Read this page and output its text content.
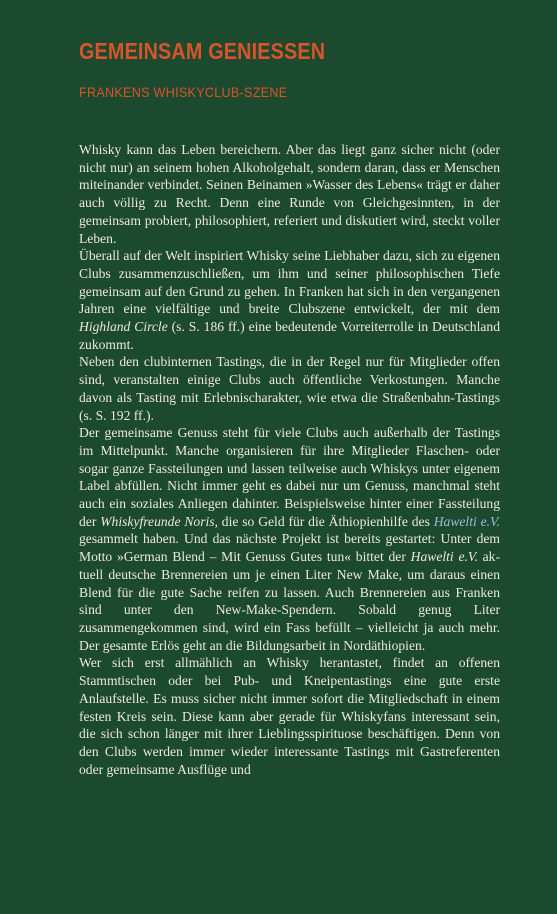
GEMEINSAM GENIESSEN
FRANKENS WHISKYCLUB-SZENE

Whisky kann das Leben bereichern. Aber das liegt ganz sicher nicht (oder nicht nur) an seinem hohen Alkoholgehalt, sondern daran, dass er Menschen miteinander verbindet. Seinen Beinamen »Wasser des Lebens« trägt er daher auch völlig zu Recht. Denn eine Runde von Gleichgesinnten, in der gemeinsam probiert, philosophiert, referiert und diskutiert wird, steckt voller Leben.

Überall auf der Welt inspiriert Whisky seine Liebhaber dazu, sich zu eigenen Clubs zusammenzuschließen, um ihm und seiner philosophischen Tiefe gemeinsam auf den Grund zu gehen. In Franken hat sich in den vergangenen Jahren eine vielfältige und breite Clubszene entwickelt, der mit dem Highland Circle (s. S. 186 ff.) eine bedeutende Vorreiterrolle in Deutschland zukommt.

Neben den clubinternen Tastings, die in der Regel nur für Mitglieder offen sind, veranstalten einige Clubs auch öffentliche Verkostungen. Manche davon als Tasting mit Erlebnischarakter, wie etwa die Straßenbahn-Tastings (s. S. 192 ff.).

Der gemeinsame Genuss steht für viele Clubs auch außerhalb der Tastings im Mittelpunkt. Manche organisieren für ihre Mitglieder Flaschen- oder sogar ganze Fassteilungen und lassen teilweise auch Whiskys unter eigenem Label abfüllen. Nicht immer geht es dabei nur um Genuss, manchmal steht auch ein soziales Anliegen dahinter. Beispielsweise hinter einer Fassteilung der Whiskyfreunde Noris, die so Geld für die Äthiopienhilfe des Hawelti e.V. gesammelt haben. Und das nächste Projekt ist bereits gestartet: Unter dem Motto »German Blend – Mit Genuss Gutes tun« bittet der Hawelti e.V. aktuell deutsche Brennereien um je einen Liter New Make, um daraus einen Blend für die gute Sache reifen zu lassen. Auch Brennereien aus Franken sind unter den New-Make-Spendern. Sobald genug Liter zusammengekommen sind, wird ein Fass befüllt – vielleicht ja auch mehr. Der gesamte Erlös geht an die Bildungsarbeit in Nordäthiopien.

Wer sich erst allmählich an Whisky herantastet, findet an offenen Stammtischen oder bei Pub- und Kneipentastings eine gute erste Anlaufstelle. Es muss sicher nicht immer sofort die Mitgliedschaft in einem festen Kreis sein. Diese kann aber gerade für Whiskyfans interessant sein, die sich schon länger mit ihrer Lieblingsspirituose beschäftigen. Denn von den Clubs werden immer wieder interessante Tastings mit Gastreferenten oder gemeinsame Ausflüge und
